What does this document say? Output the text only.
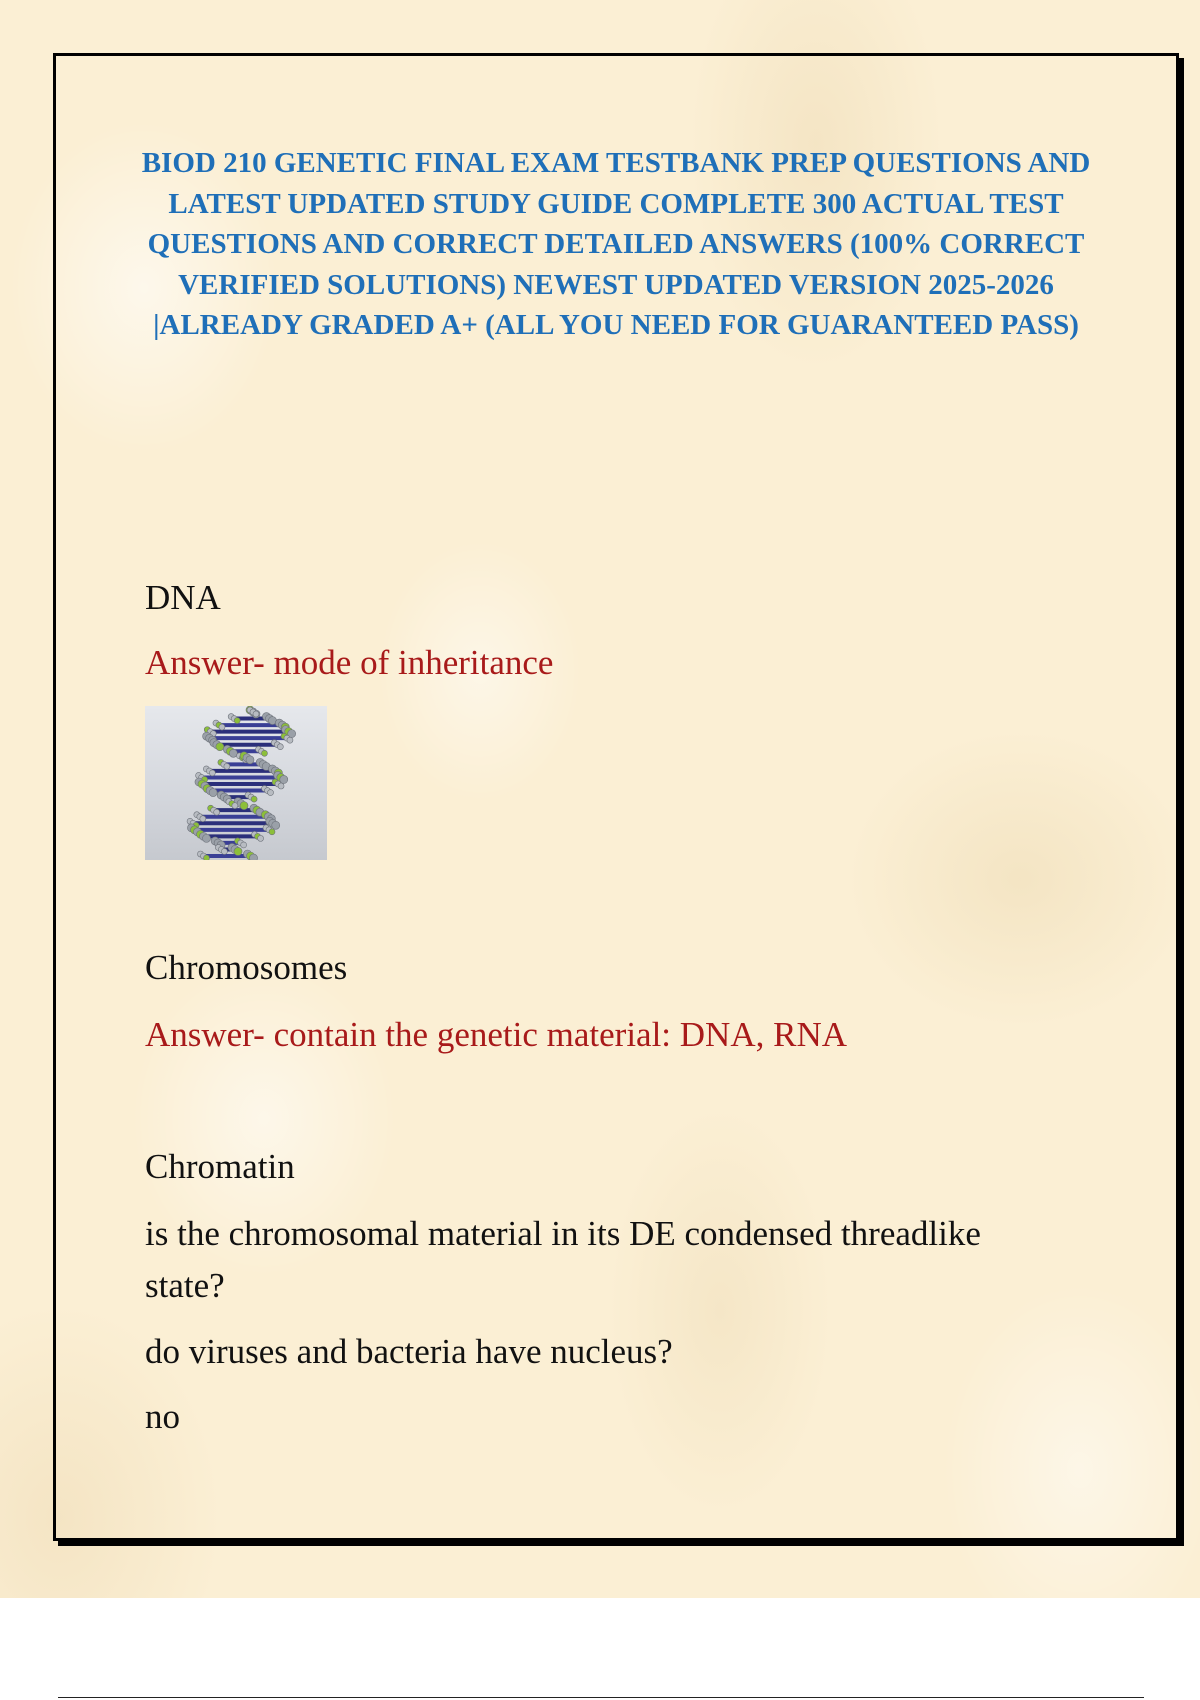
BIOD 210 GENETIC FINAL EXAM TESTBANK PREP QUESTIONS AND LATEST UPDATED STUDY GUIDE COMPLETE 300 ACTUAL TEST QUESTIONS AND CORRECT DETAILED ANSWERS (100% CORRECT VERIFIED SOLUTIONS) NEWEST UPDATED VERSION 2025-2026 |ALREADY GRADED A+ (ALL YOU NEED FOR GUARANTEED PASS)

DNA

Answer- mode of inheritance

Chromosomes

Answer- contain the genetic material: DNA, RNA

Chromatin

is the chromosomal material in its DE condensed threadlike state?

do viruses and bacteria have nucleus?

no
